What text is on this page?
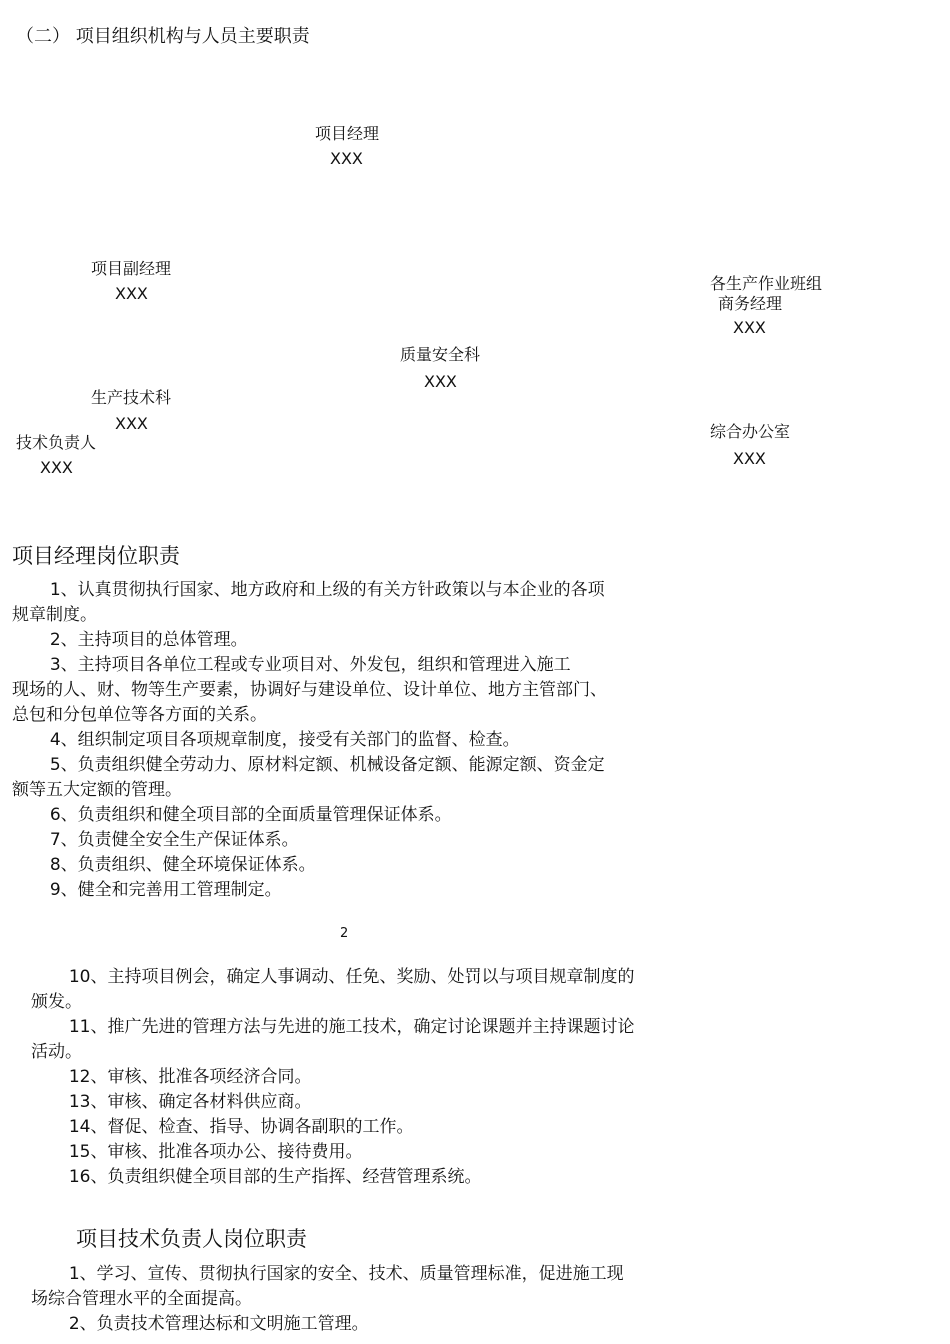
（二） 项目组织机构与人员主要职责
项目经理
XXX
项目副经理
XXX
各生产作业班组
商务经理
XXX
质量安全科
XXX
生产技术科
XXX
技术负责人
XXX
综合办公室
XXX
项目经理岗位职责

1、认真贯彻执行国家、地方政府和上级的有关方针政策以与本企业的各项

规章制度。

2、主持项目的总体管理。

3、主持项目各单位工程或专业项目对、外发包，组织和管理进入施工

现场的人、财、物等生产要素，协调好与建设单位、设计单位、地方主管部门、

总包和分包单位等各方面的关系。

4、组织制定项目各项规章制度，接受有关部门的监督、检查。

5、负责组织健全劳动力、原材料定额、机械设备定额、能源定额、资金定

额等五大定额的管理。

6、负责组织和健全项目部的全面质量管理保证体系。

7、负责健全安全生产保证体系。

8、负责组织、健全环境保证体系。

9、健全和完善用工管理制定。

2

10、主持项目例会，确定人事调动、任免、奖励、处罚以与项目规章制度的

颁发。

11、推广先进的管理方法与先进的施工技术，确定讨论课题并主持课题讨论

活动。

12、审核、批准各项经济合同。

13、审核、确定各材料供应商。

14、督促、检查、指导、协调各副职的工作。

15、审核、批准各项办公、接待费用。

16、负责组织健全项目部的生产指挥、经营管理系统。

项目技术负责人岗位职责

1、学习、宣传、贯彻执行国家的安全、技术、质量管理标准，促进施工现

场综合管理水平的全面提高。

2、负责技术管理达标和文明施工管理。
